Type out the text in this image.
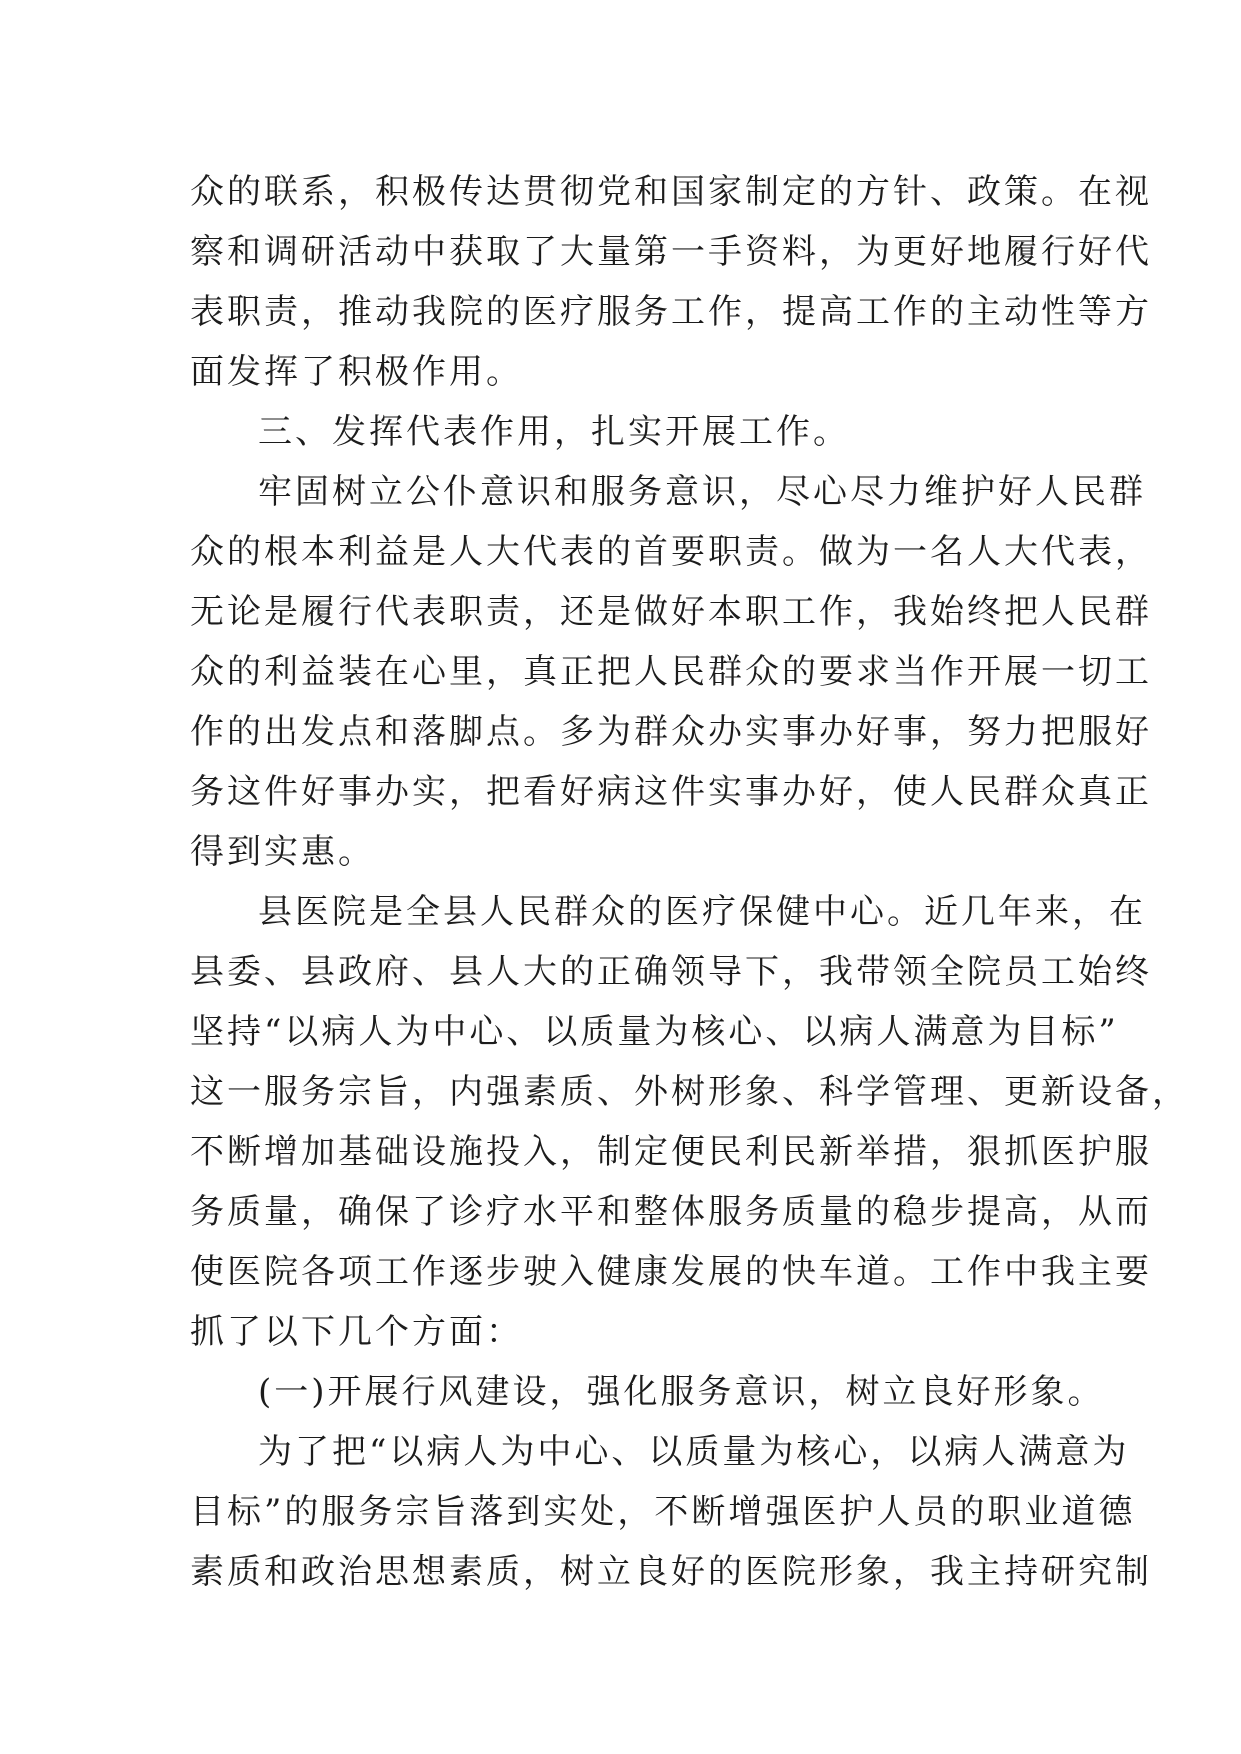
众的联系，积极传达贯彻党和国家制定的方针、政策。在视
察和调研活动中获取了大量第一手资料，为更好地履行好代
表职责，推动我院的医疗服务工作，提高工作的主动性等方
面发挥了积极作用。
三、发挥代表作用，扎实开展工作。
牢固树立公仆意识和服务意识，尽心尽力维护好人民群
众的根本利益是人大代表的首要职责。做为一名人大代表，
无论是履行代表职责，还是做好本职工作，我始终把人民群
众的利益装在心里，真正把人民群众的要求当作开展一切工
作的出发点和落脚点。多为群众办实事办好事，努力把服好
务这件好事办实，把看好病这件实事办好，使人民群众真正
得到实惠。
县医院是全县人民群众的医疗保健中心。近几年来，在
县委、县政府、县人大的正确领导下，我带领全院员工始终
坚持“以病人为中心、以质量为核心、以病人满意为目标”
这一服务宗旨，内强素质、外树形象、科学管理、更新设备，
不断增加基础设施投入，制定便民利民新举措，狠抓医护服
务质量，确保了诊疗水平和整体服务质量的稳步提高，从而
使医院各项工作逐步驶入健康发展的快车道。工作中我主要
抓了以下几个方面：
(一)开展行风建设，强化服务意识，树立良好形象。
为了把“以病人为中心、以质量为核心，以病人满意为
目标”的服务宗旨落到实处，不断增强医护人员的职业道德
素质和政治思想素质，树立良好的医院形象，我主持研究制
